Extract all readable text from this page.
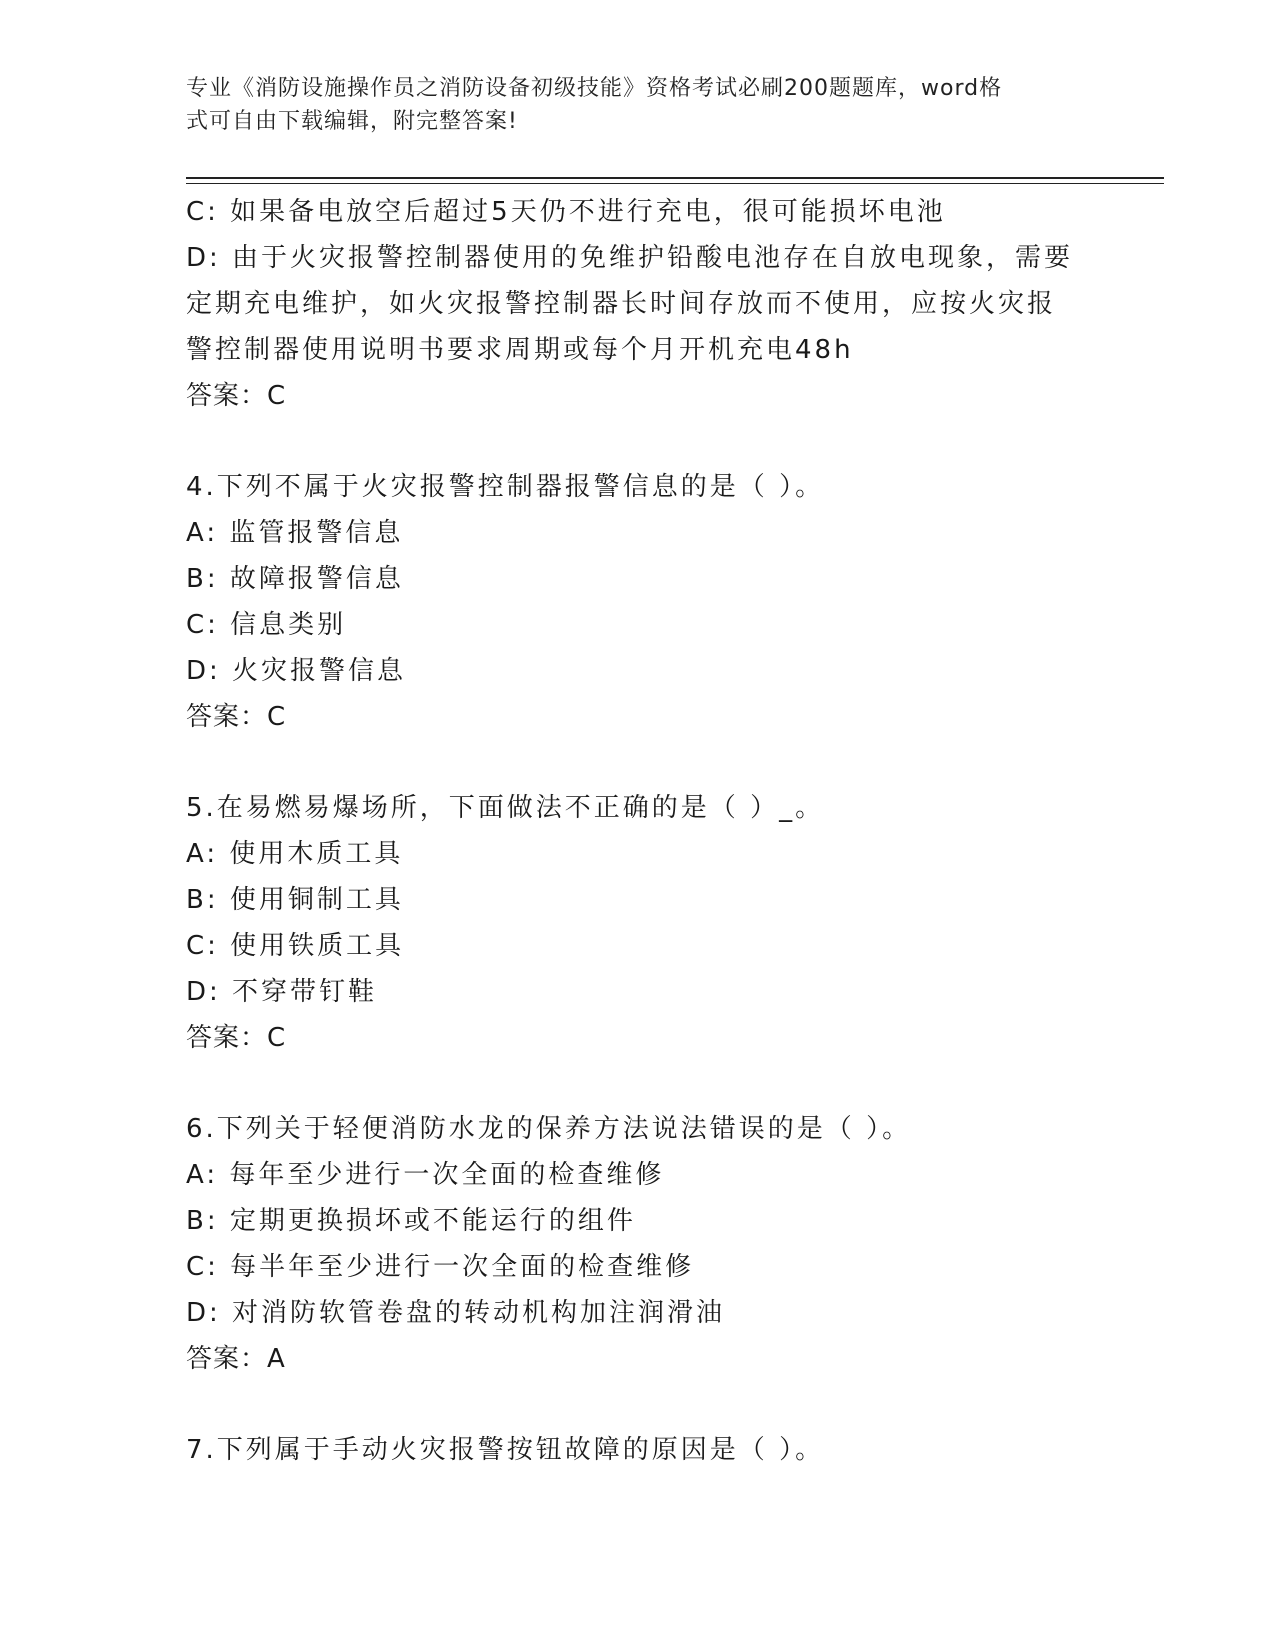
专业《消防设施操作员之消防设备初级技能》资格考试必刷200题题库，word格
式可自由下载编辑，附完整答案!
C: 如果备电放空后超过5天仍不进行充电，很可能损坏电池
D: 由于火灾报警控制器使用的免维护铅酸电池存在自放电现象，需要
定期充电维护，如火灾报警控制器长时间存放而不使用，应按火灾报
警控制器使用说明书要求周期或每个月开机充电48h
答案：C
4.下列不属于火灾报警控制器报警信息的是（ ）。
A: 监管报警信息
B: 故障报警信息
C: 信息类别
D: 火灾报警信息
答案：C
5.在易燃易爆场所，下面做法不正确的是（ ）_。
A: 使用木质工具
B: 使用铜制工具
C: 使用铁质工具
D: 不穿带钉鞋
答案：C
6.下列关于轻便消防水龙的保养方法说法错误的是（ ）。
A: 每年至少进行一次全面的检查维修
B: 定期更换损坏或不能运行的组件
C: 每半年至少进行一次全面的检查维修
D: 对消防软管卷盘的转动机构加注润滑油
答案：A
7.下列属于手动火灾报警按钮故障的原因是（ ）。
